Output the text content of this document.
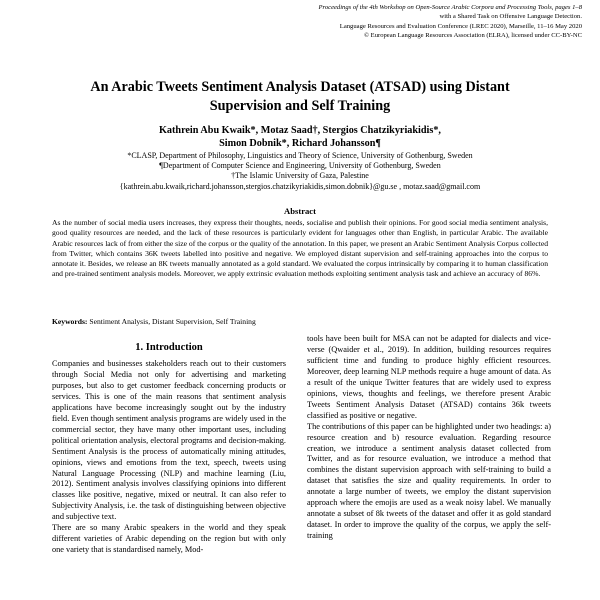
Proceedings of the 4th Workshop on Open-Source Arabic Corpora and Processing Tools, pages 1–8
with a Shared Task on Offensive Language Detection.
Language Resources and Evaluation Conference (LREC 2020), Marseille, 11–16 May 2020
© European Language Resources Association (ELRA), licensed under CC-BY-NC
An Arabic Tweets Sentiment Analysis Dataset (ATSAD) using Distant
Supervision and Self Training
Kathrein Abu Kwaik*, Motaz Saad†, Stergios Chatzikyriakidis*,
Simon Dobnik*, Richard Johansson¶
*CLASP, Department of Philosophy, Linguistics and Theory of Science, University of Gothenburg, Sweden
¶Department of Computer Science and Engineering, University of Gothenburg, Sweden
†The Islamic University of Gaza, Palestine
{kathrein.abu.kwaik,richard.johansson,stergios.chatzikyriakidis,simon.dobnik}@gu.se , motaz.saad@gmail.com
Abstract
As the number of social media users increases, they express their thoughts, needs, socialise and publish their opinions. For good social media sentiment analysis, good quality resources are needed, and the lack of these resources is particularly evident for languages other than English, in particular Arabic. The available Arabic resources lack of from either the size of the corpus or the quality of the annotation. In this paper, we present an Arabic Sentiment Analysis Corpus collected from Twitter, which contains 36K tweets labelled into positive and negative. We employed distant supervision and self-training approaches into the corpus to annotate it. Besides, we release an 8K tweets manually annotated as a gold standard. We evaluated the corpus intrinsically by comparing it to human classification and pre-trained sentiment analysis models. Moreover, we apply extrinsic evaluation methods exploiting sentiment analysis task and achieve an accuracy of 86%.
Keywords: Sentiment Analysis, Distant Supervision, Self Training
1. Introduction

Companies and businesses stakeholders reach out to their customers through Social Media not only for advertising and marketing purposes, but also to get customer feedback concerning products or services. This is one of the main reasons that sentiment analysis applications have become increasingly sought out by the industry field. Even though sentiment analysis programs are widely used in the commercial sector, they have many other important uses, including political orientation analysis, electoral programs and decision-making. Sentiment Analysis is the process of automatically mining attitudes, opinions, views and emotions from the text, speech, tweets using Natural Language Processing (NLP) and machine learning (Liu, 2012). Sentiment analysis involves classifying opinions into different classes like positive, negative, mixed or neutral. It can also refer to Subjectivity Analysis, i.e. the task of distinguishing between objective and subjective text.

There are so many Arabic speakers in the world and they speak different varieties of Arabic depending on the region but with only one variety that is standardised namely, Mod-

tools have been built for MSA can not be adapted for dialects and vice-verse (Qwaider et al., 2019). In addition, building resources requires sufficient time and funding to produce highly efficient resources. Moreover, deep learning NLP methods require a huge amount of data. As a result of the unique Twitter features that are widely used to express opinions, views, thoughts and feelings, we therefore present Arabic Tweets Sentiment Analysis Dataset (ATSAD) contains 36k tweets classified as positive or negative.

The contributions of this paper can be highlighted under two headings: a) resource creation and b) resource evaluation. Regarding resource creation, we introduce a sentiment analysis dataset collected from Twitter, and as for resource evaluation, we introduce a method that combines the distant supervision approach with self-training to build a dataset that satisfies the size and quality requirements. In order to annotate a large number of tweets, we employ the distant supervision approach where the emojis are used as a weak noisy label. We manually annotate a subset of 8k tweets of the dataset and offer it as gold standard dataset. In order to improve the quality of the corpus, we apply the self-training
